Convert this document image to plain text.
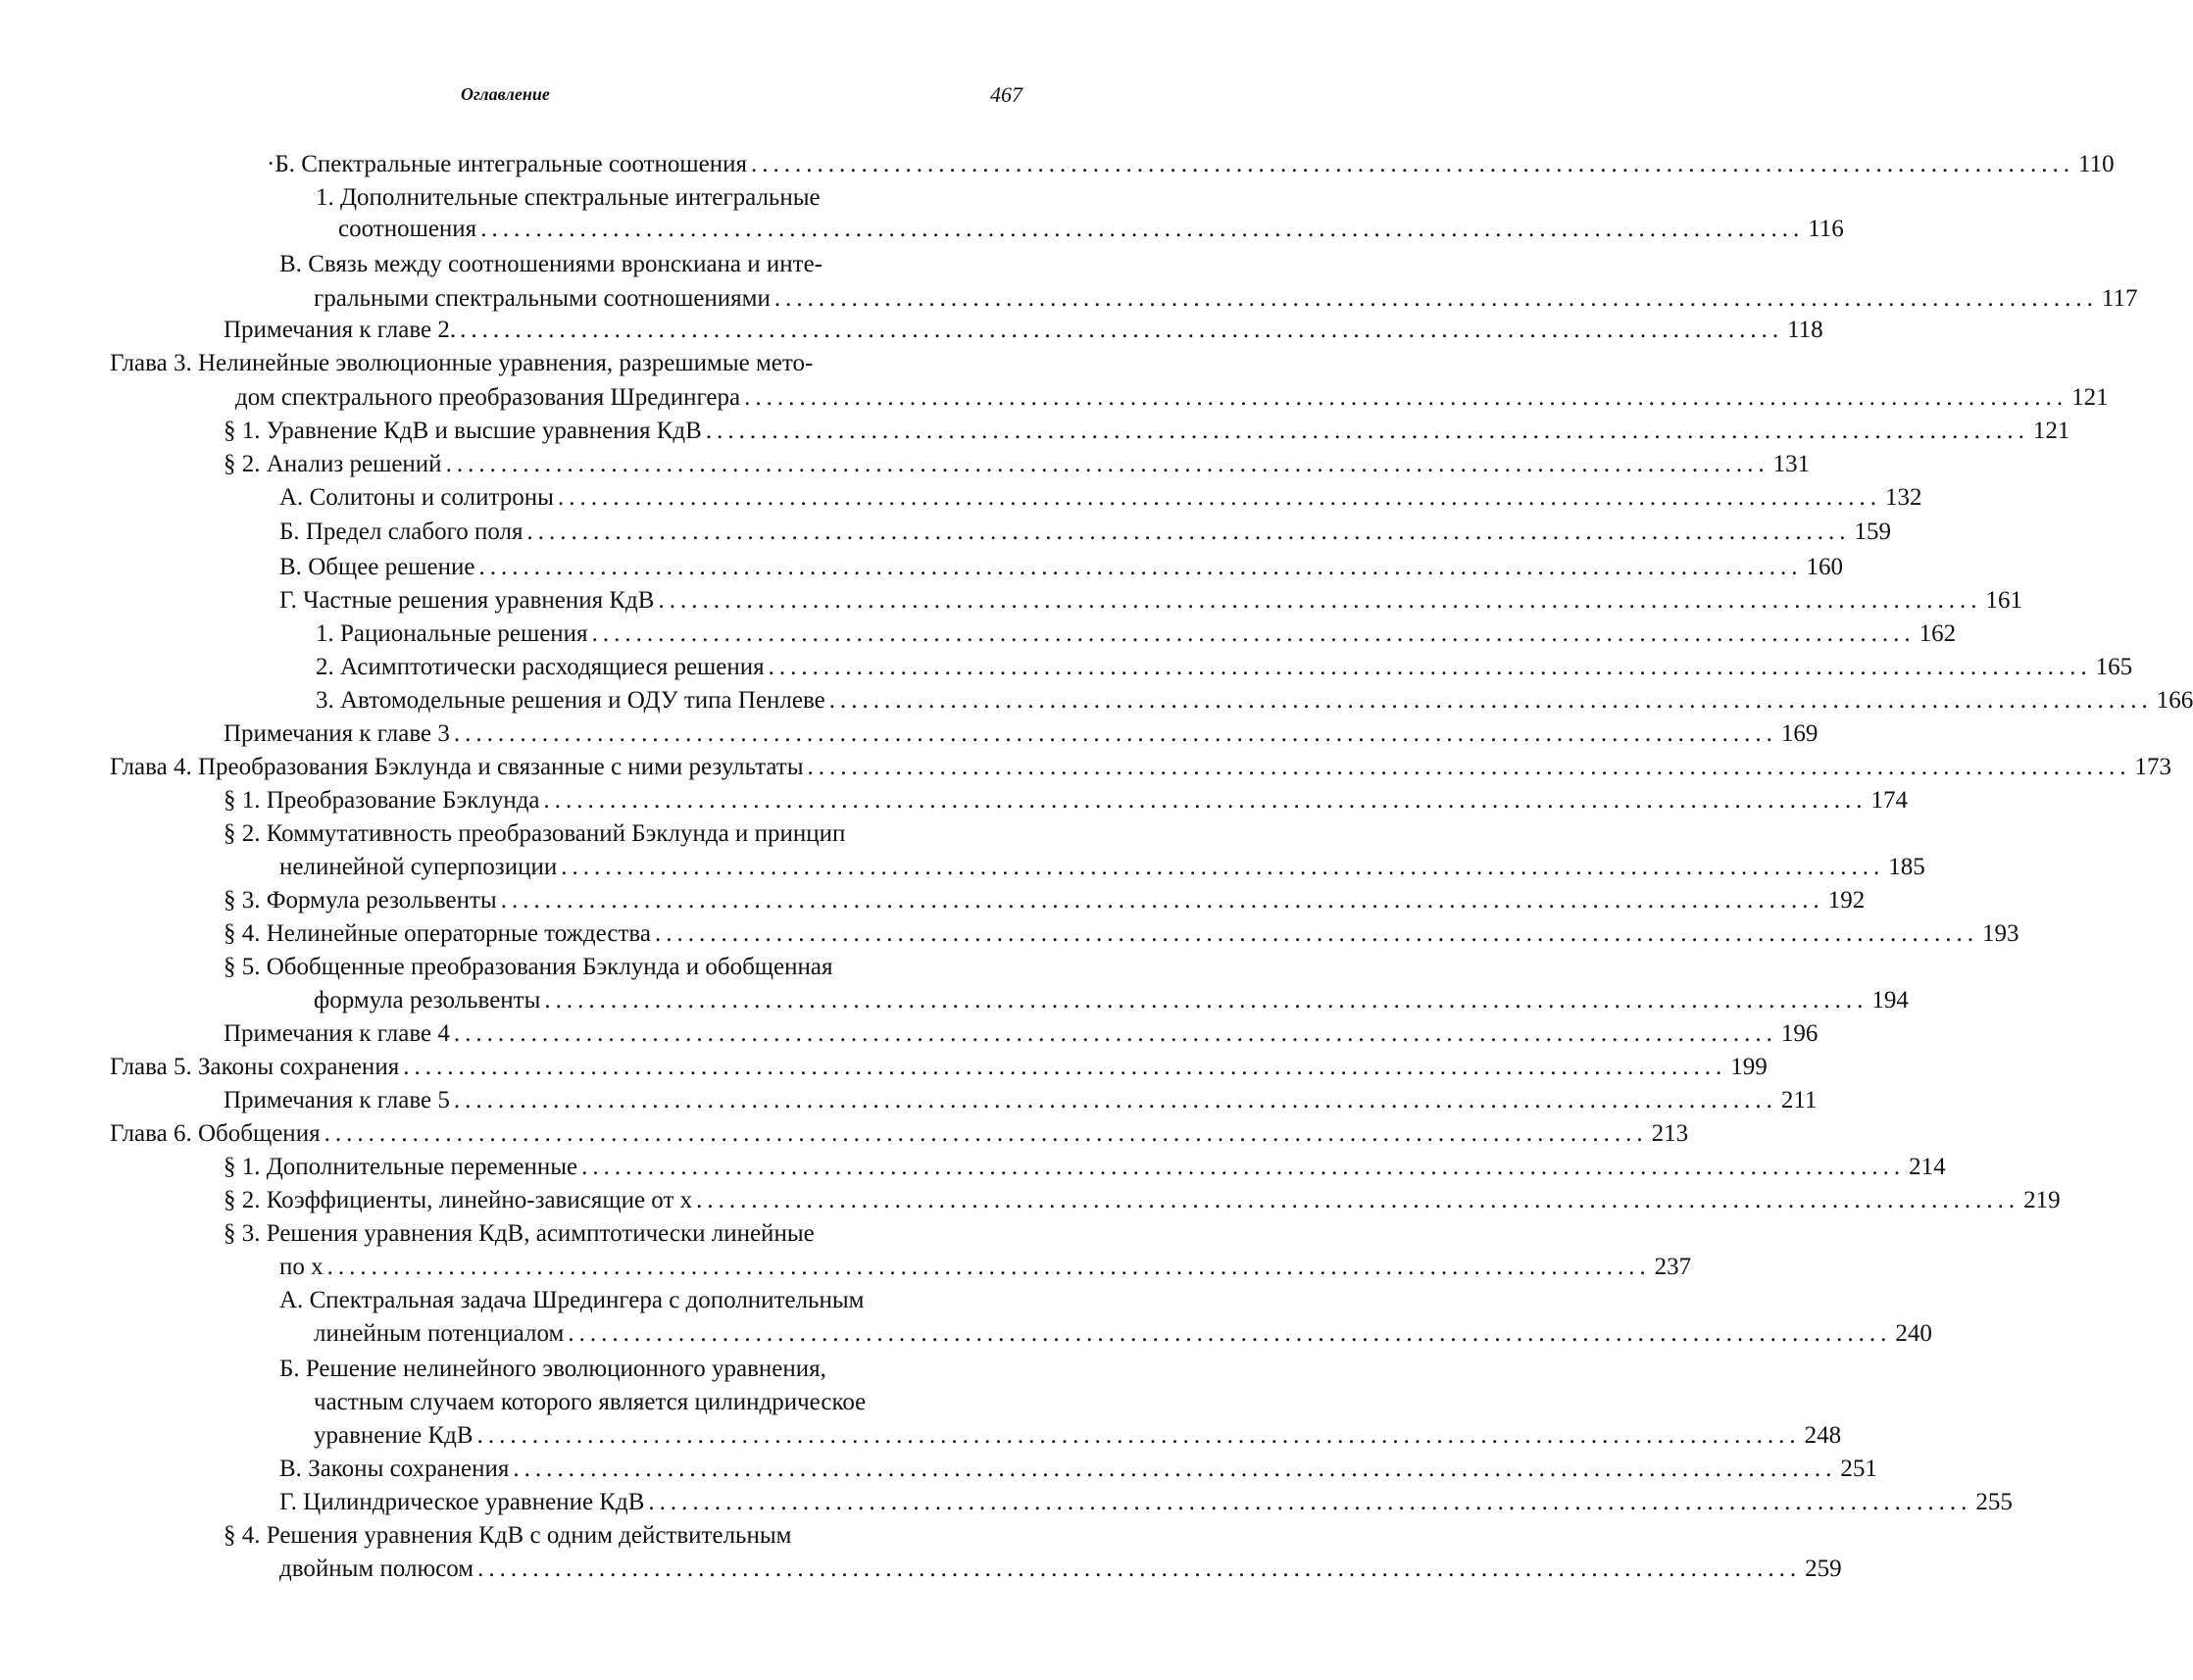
Оглавление	467
·Б. Спектральные интегральные соотношения ........................................................................................................................ 110
1. Дополнительные спектральные интегральные
соотношения ........................................................................................................................ 116
В. Связь между соотношениями вронскиана и инте-
гральными спектральными соотношениями ........................................................................................................................ 117
Примечания к главе 2. ........................................................................................................................ 118
Глава 3. Нелинейные эволюционные уравнения, разрешимые мето-
дом спектрального преобразования Шредингера ........................................................................................................................ 121
§ 1. Уравнение КдВ и высшие уравнения КдВ ........................................................................................................................ 121
§ 2. Анализ решений ........................................................................................................................ 131
А. Солитоны и солитроны ........................................................................................................................ 132
Б. Предел слабого поля ........................................................................................................................ 159
В. Общее решение ........................................................................................................................ 160
Г. Частные решения уравнения КдВ ........................................................................................................................ 161
1. Рациональные решения ........................................................................................................................ 162
2. Асимптотически расходящиеся решения ........................................................................................................................ 165
3. Автомодельные решения и ОДУ типа Пенлеве ........................................................................................................................ 166
Примечания к главе 3 ........................................................................................................................ 169
Глава 4. Преобразования Бэклунда и связанные с ними результаты ........................................................................................................................ 173
§ 1. Преобразование Бэклунда ........................................................................................................................ 174
§ 2. Коммутативность преобразований Бэклунда и принцип
нелинейной суперпозиции ........................................................................................................................ 185
§ 3. Формула резольвенты ........................................................................................................................ 192
§ 4. Нелинейные операторные тождества ........................................................................................................................ 193
§ 5. Обобщенные преобразования Бэклунда и обобщенная
формула резольвенты ........................................................................................................................ 194
Примечания к главе 4 ........................................................................................................................ 196
Глава 5. Законы сохранения ........................................................................................................................ 199
Примечания к главе 5 ........................................................................................................................ 211
Глава 6. Обобщения ........................................................................................................................ 213
§ 1. Дополнительные переменные ........................................................................................................................ 214
§ 2. Коэффициенты, линейно-зависящие от x ........................................................................................................................ 219
§ 3. Решения уравнения КдВ, асимптотически линейные
по x ........................................................................................................................ 237
А. Спектральная задача Шредингера с дополнительным
линейным потенциалом ........................................................................................................................ 240
Б. Решение нелинейного эволюционного уравнения,
частным случаем которого является цилиндрическое
уравнение КдВ ........................................................................................................................ 248
В. Законы сохранения ........................................................................................................................ 251
Г. Цилиндрическое уравнение КдВ ........................................................................................................................ 255
§ 4. Решения уравнения КдВ с одним действительным
двойным полюсом ........................................................................................................................ 259
